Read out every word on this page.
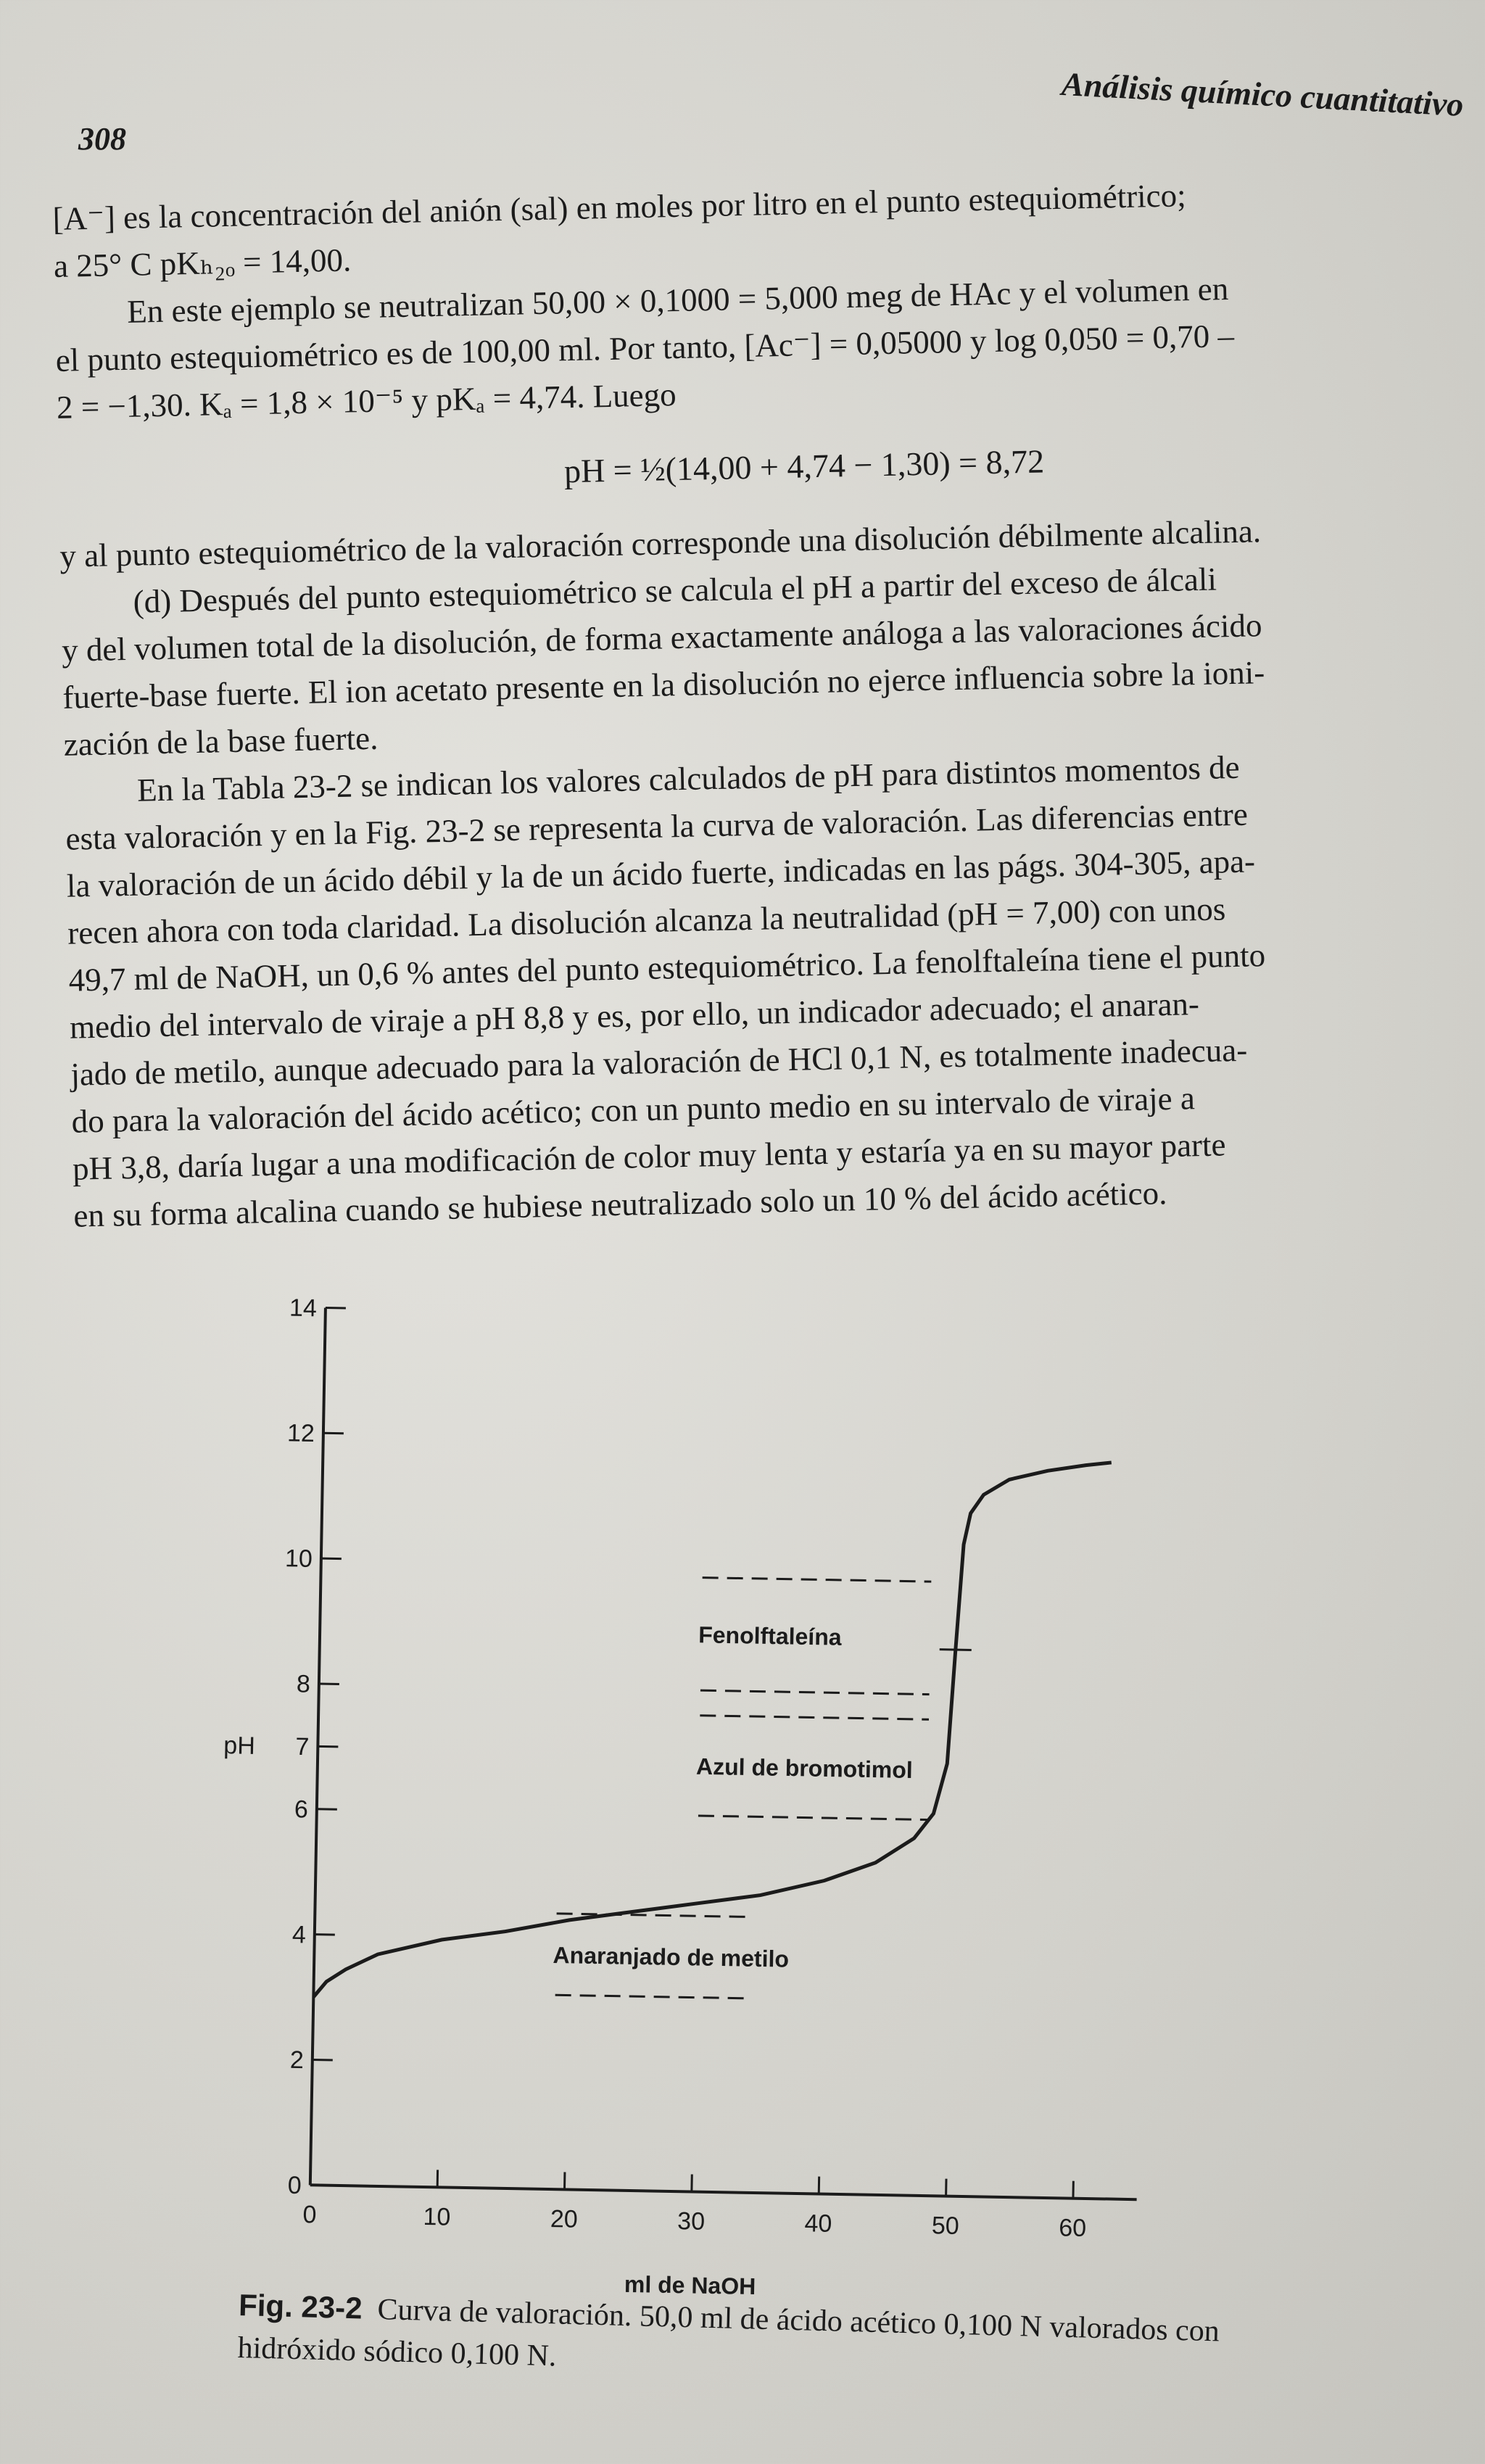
308
Análisis químico cuantitativo
[A⁻] es la concentración del anión (sal) en moles por litro en el punto estequiométrico;
a 25° C pKₕ₂ₒ = 14,00.
En este ejemplo se neutralizan 50,00 × 0,1000 = 5,000 meg de HAc y el volumen en
el punto estequiométrico es de 100,00 ml. Por tanto, [Ac⁻] = 0,05000 y log 0,050 = 0,70 –
2 = −1,30. Kₐ = 1,8 × 10⁻⁵ y pKₐ = 4,74. Luego
pH = ½(14,00 + 4,74 − 1,30) = 8,72
y al punto estequiométrico de la valoración corresponde una disolución débilmente alcalina.
(d) Después del punto estequiométrico se calcula el pH a partir del exceso de álcali
y del volumen total de la disolución, de forma exactamente análoga a las valoraciones ácido
fuerte-base fuerte. El ion acetato presente en la disolución no ejerce influencia sobre la ioni-
zación de la base fuerte.
En la Tabla 23-2 se indican los valores calculados de pH para distintos momentos de
esta valoración y en la Fig. 23-2 se representa la curva de valoración. Las diferencias entre
la valoración de un ácido débil y la de un ácido fuerte, indicadas en las págs. 304-305, apa-
recen ahora con toda claridad. La disolución alcanza la neutralidad (pH = 7,00) con unos
49,7 ml de NaOH, un 0,6 % antes del punto estequiométrico. La fenolftaleína tiene el punto
medio del intervalo de viraje a pH 8,8 y es, por ello, un indicador adecuado; el anaran-
jado de metilo, aunque adecuado para la valoración de HCl 0,1 N, es totalmente inadecua-
do para la valoración del ácido acético; con un punto medio en su intervalo de viraje a
pH 3,8, daría lugar a una modificación de color muy lenta y estaría ya en su mayor parte
en su forma alcalina cuando se hubiese neutralizado solo un 10 % del ácido acético.
0
2
4
6
7
8
10
12
14
0	10	20	30	40	50	60
Fenolftaleína
Azul de bromotimol
Anaranjado de metilo
pH
ml de NaOH
Fig. 23-2 Curva de valoración. 50,0 ml de ácido acético 0,100 N valorados con hidróxido sódico 0,100 N.
